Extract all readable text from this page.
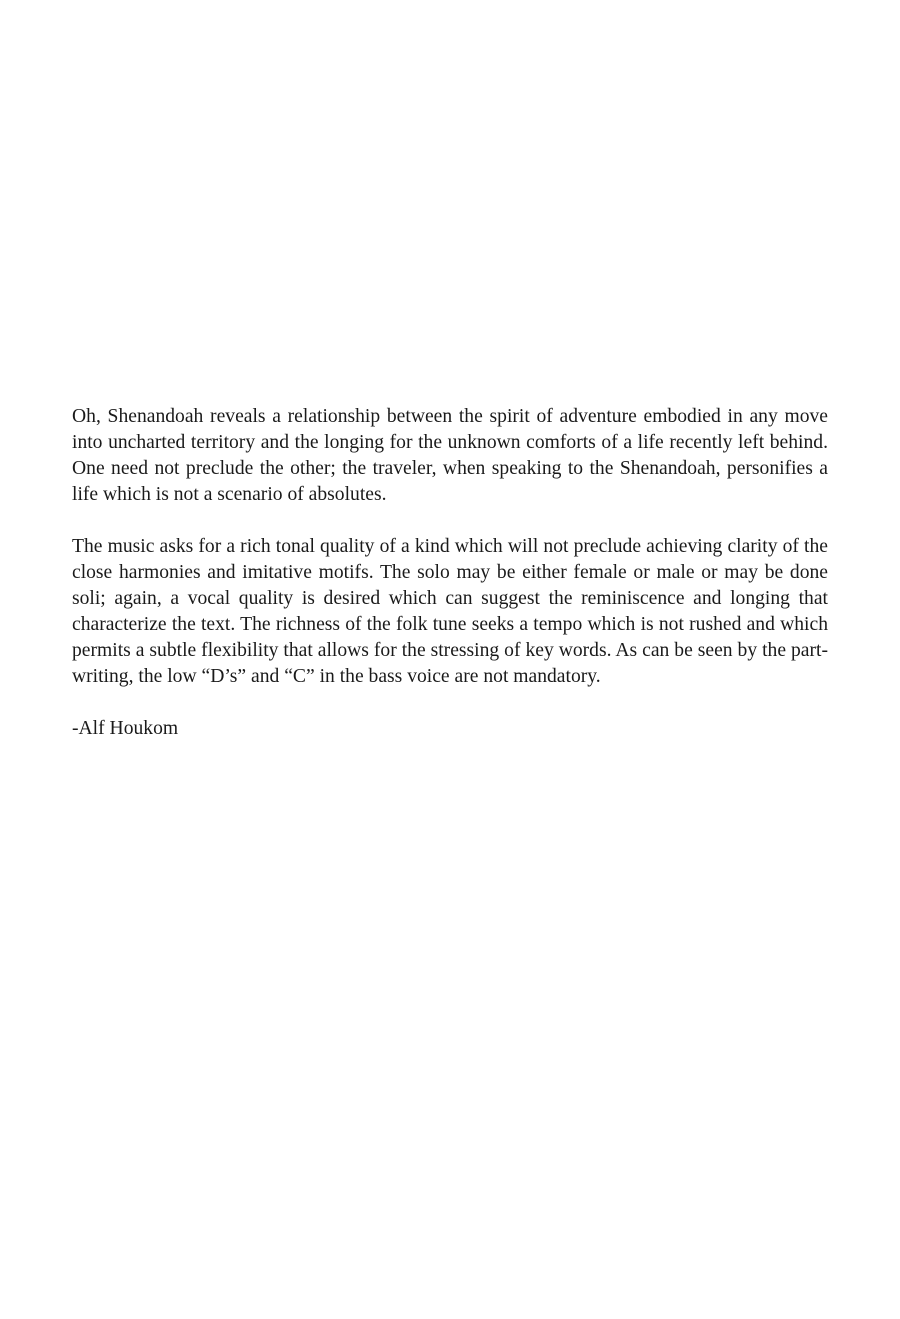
Oh, Shenandoah reveals a relationship between the spirit of adventure embodied in any move into uncharted territory and the longing for the unknown comforts of a life recently left behind. One need not preclude the other; the traveler, when speaking to the Shenandoah, personifies a life which is not a scenario of absolutes.

The music asks for a rich tonal quality of a kind which will not preclude achieving clarity of the close harmonies and imitative motifs. The solo may be either female or male or may be done soli; again, a vocal quality is desired which can suggest the reminiscence and longing that characterize the text. The richness of the folk tune seeks a tempo which is not rushed and which permits a subtle flexibility that allows for the stressing of key words. As can be seen by the part-writing, the low “D’s” and “C” in the bass voice are not mandatory.

-Alf Houkom
